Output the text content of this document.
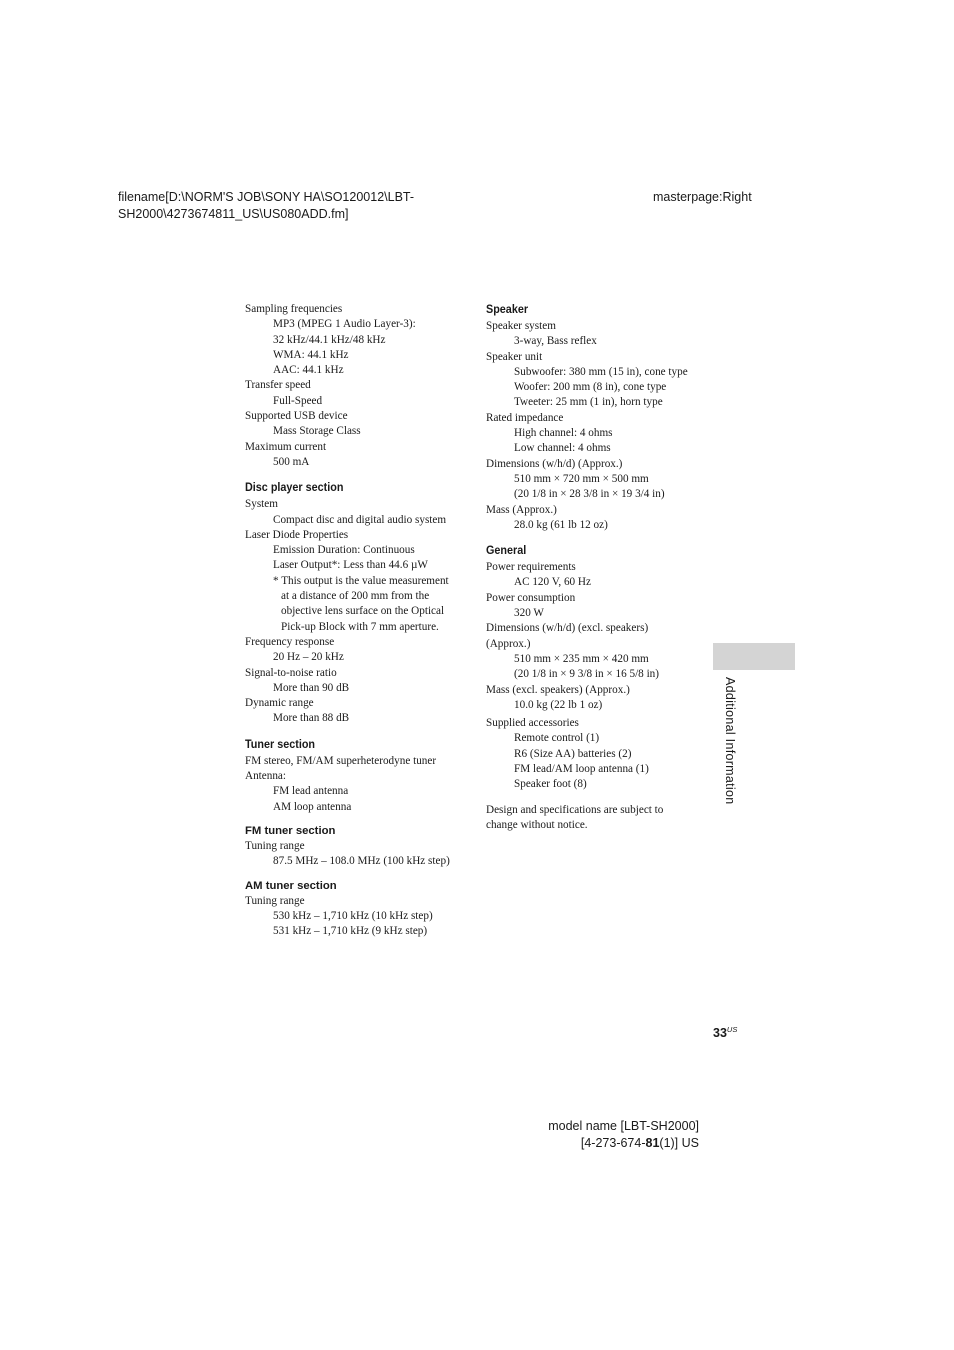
filename[D:\NORM'S JOB\SONY HA\SO120012\LBT-
SH2000\4273674811_US\US080ADD.fm]
masterpage:Right
Sampling frequencies
MP3 (MPEG 1 Audio Layer-3):
32 kHz/44.1 kHz/48 kHz
WMA: 44.1 kHz
AAC: 44.1 kHz
Transfer speed
Full-Speed
Supported USB device
Mass Storage Class
Maximum current
500 mA
Disc player section
System
Compact disc and digital audio system
Laser Diode Properties
Emission Duration: Continuous
Laser Output*: Less than 44.6 µW
* This output is the value measurement
at a distance of 200 mm from the
objective lens surface on the Optical
Pick-up Block with 7 mm aperture.
Frequency response
20 Hz – 20 kHz
Signal-to-noise ratio
More than 90 dB
Dynamic range
More than 88 dB
Tuner section
FM stereo, FM/AM superheterodyne tuner
Antenna:
FM lead antenna
AM loop antenna
FM tuner section
Tuning range
87.5 MHz – 108.0 MHz (100 kHz step)
AM tuner section
Tuning range
530 kHz – 1,710 kHz (10 kHz step)
531 kHz – 1,710 kHz (9 kHz step)
Speaker
Speaker system
3-way, Bass reflex
Speaker unit
Subwoofer: 380 mm (15 in), cone type
Woofer: 200 mm (8 in), cone type
Tweeter: 25 mm (1 in), horn type
Rated impedance
High channel: 4 ohms
Low channel: 4 ohms
Dimensions (w/h/d) (Approx.)
510 mm × 720 mm × 500 mm
(20 1/8 in × 28 3/8 in × 19 3/4 in)
Mass (Approx.)
28.0 kg (61 lb 12 oz)
General
Power requirements
AC 120 V, 60 Hz
Power consumption
320 W
Dimensions (w/h/d) (excl. speakers)
(Approx.)
510 mm × 235 mm × 420 mm
(20 1/8 in × 9 3/8 in × 16 5/8 in)
Mass (excl. speakers) (Approx.)
10.0 kg (22 lb 1 oz)
Supplied accessories
Remote control (1)
R6 (Size AA) batteries (2)
FM lead/AM loop antenna (1)
Speaker foot (8)
Design and specifications are subject to
change without notice.
Additional Information
$33^{US}$
model name [LBT-SH2000]
[4-273-674-81(1)] US
